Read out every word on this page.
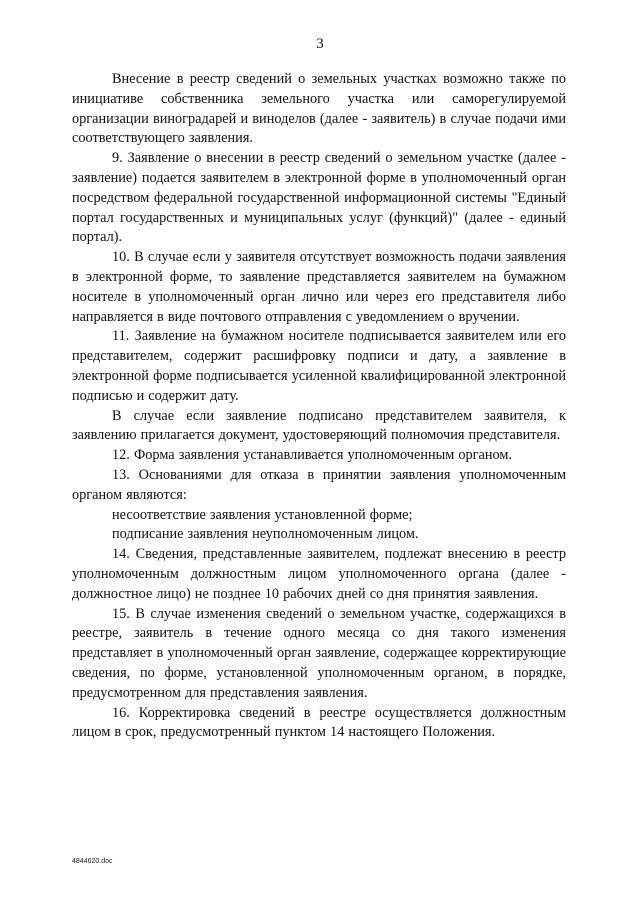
3

Внесение в реестр сведений о земельных участках возможно также по инициативе собственника земельного участка или саморегулируемой организации виноградарей и виноделов (далее - заявитель) в случае подачи ими соответствующего заявления.

9. Заявление о внесении в реестр сведений о земельном участке (далее - заявление) подается заявителем в электронной форме в уполномоченный орган посредством федеральной государственной информационной системы "Единый портал государственных и муниципальных услуг (функций)" (далее - единый портал).

10. В случае если у заявителя отсутствует возможность подачи заявления в электронной форме, то заявление представляется заявителем на бумажном носителе в уполномоченный орган лично или через его представителя либо направляется в виде почтового отправления с уведомлением о вручении.

11. Заявление на бумажном носителе подписывается заявителем или его представителем, содержит расшифровку подписи и дату, а заявление в электронной форме подписывается усиленной квалифицированной электронной подписью и содержит дату.

В случае если заявление подписано представителем заявителя, к заявлению прилагается документ, удостоверяющий полномочия представителя.

12. Форма заявления устанавливается уполномоченным органом.

13. Основаниями для отказа в принятии заявления уполномоченным органом являются:

несоответствие заявления установленной форме;

подписание заявления неуполномоченным лицом.

14. Сведения, представленные заявителем, подлежат внесению в реестр уполномоченным должностным лицом уполномоченного органа (далее - должностное лицо) не позднее 10 рабочих дней со дня принятия заявления.

15. В случае изменения сведений о земельном участке, содержащихся в реестре, заявитель в течение одного месяца со дня такого изменения представляет в уполномоченный орган заявление, содержащее корректирующие сведения, по форме, установленной уполномоченным органом, в порядке, предусмотренном для представления заявления.

16. Корректировка сведений в реестре осуществляется должностным лицом в срок, предусмотренный пунктом 14 настоящего Положения.

4844620.doc
